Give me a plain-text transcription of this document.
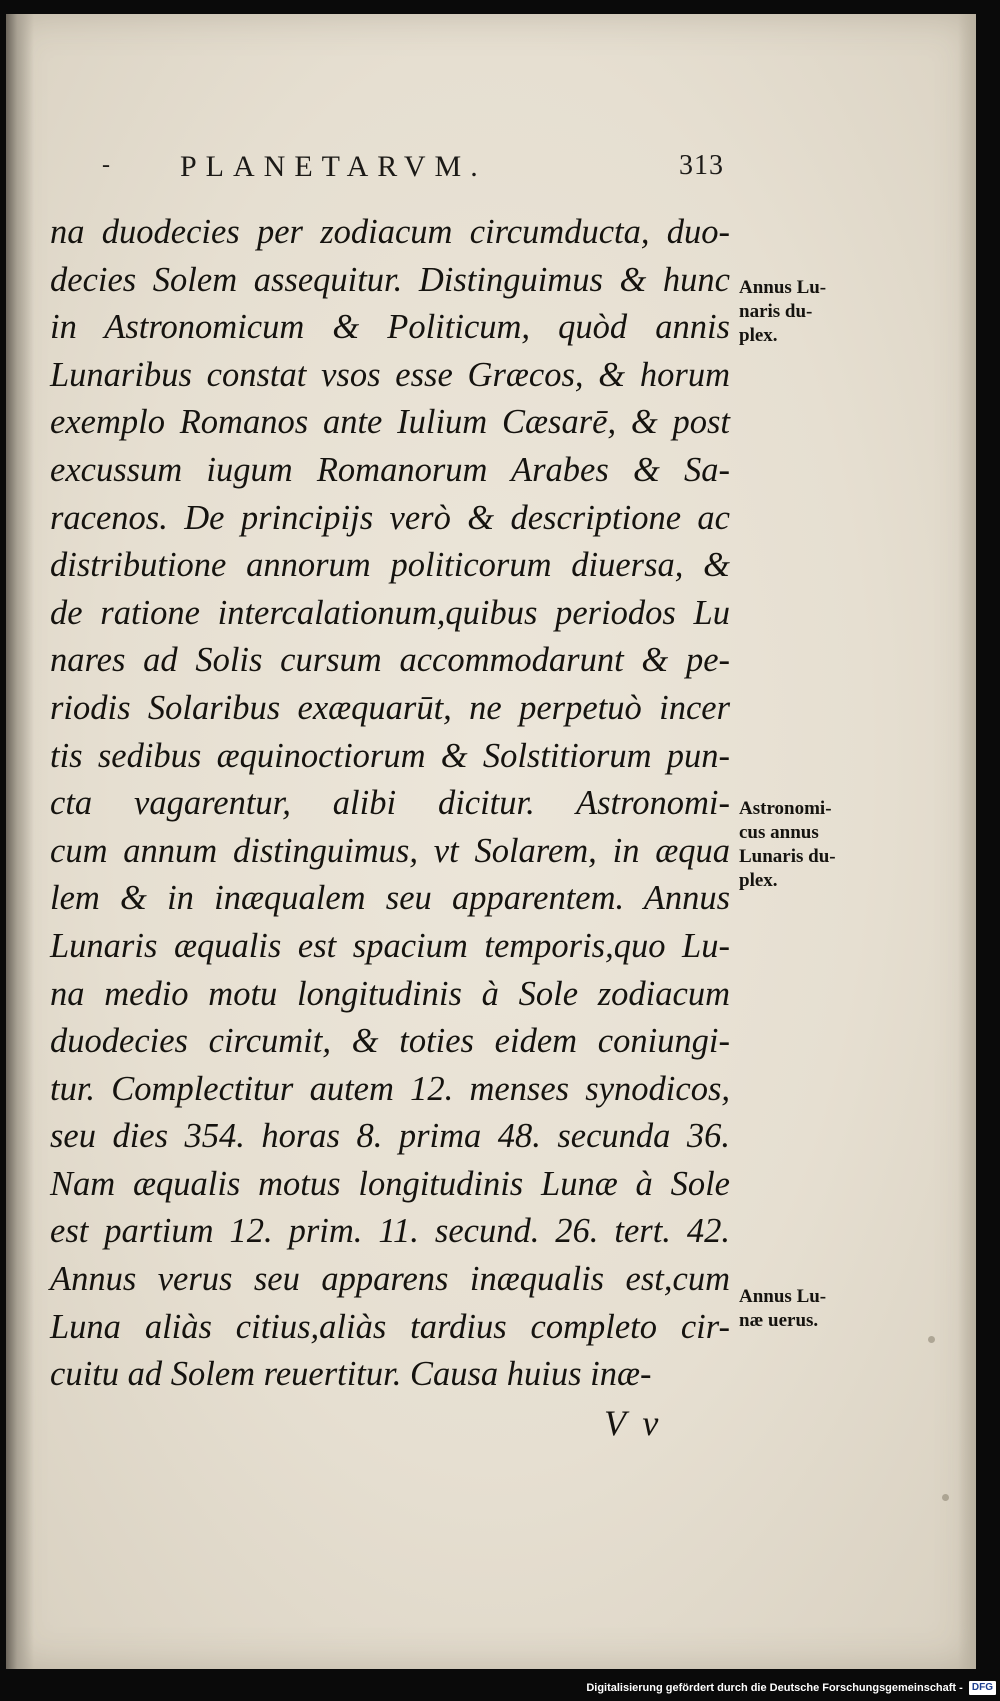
- PLANETARVM.	313
na duodecies per zodiacum circumducta, duo-
decies Solem assequitur. Distinguimus & hunc
in Astronomicum & Politicum, quòd annis
Lunaribus constat vsos esse Græcos, & horum
exemplo Romanos ante Iulium Cæsarē, & post
excussum iugum Romanorum Arabes & Sa-
racenos. De principijs verò & descriptione ac
distributione annorum politicorum diuersa, &
de ratione intercalationum,quibus periodos Lu
nares ad Solis cursum accommodarunt & pe-
riodis Solaribus exæquarūt, ne perpetuò incer
tis sedibus æquinoctiorum & Solstitiorum pun-
cta vagarentur, alibi dicitur. Astronomi-
cum annum distinguimus, vt Solarem, in æqua
lem & in inæqualem seu apparentem. Annus
Lunaris æqualis est spacium temporis,quo Lu-
na medio motu longitudinis à Sole zodiacum
duodecies circumit, & toties eidem coniungi-
tur. Complectitur autem 12. menses synodicos,
seu dies 354. horas 8. prima 48. secunda 36.
Nam æqualis motus longitudinis Lunæ à Sole
est partium 12. prim. 11. secund. 26. tert. 42.
Annus verus seu apparens inæqualis est,cum
Luna aliàs citius,aliàs tardius completo cir-
cuitu ad Solem reuertitur. Causa huius inæ-
Annus Lu-
naris du-
plex.
Astronomi-
cus annus
Lunaris du-
plex.
Annus Lu-
næ uerus.
V v
Digitalisierung gefördert durch die Deutsche Forschungsgemeinschaft - DFG
